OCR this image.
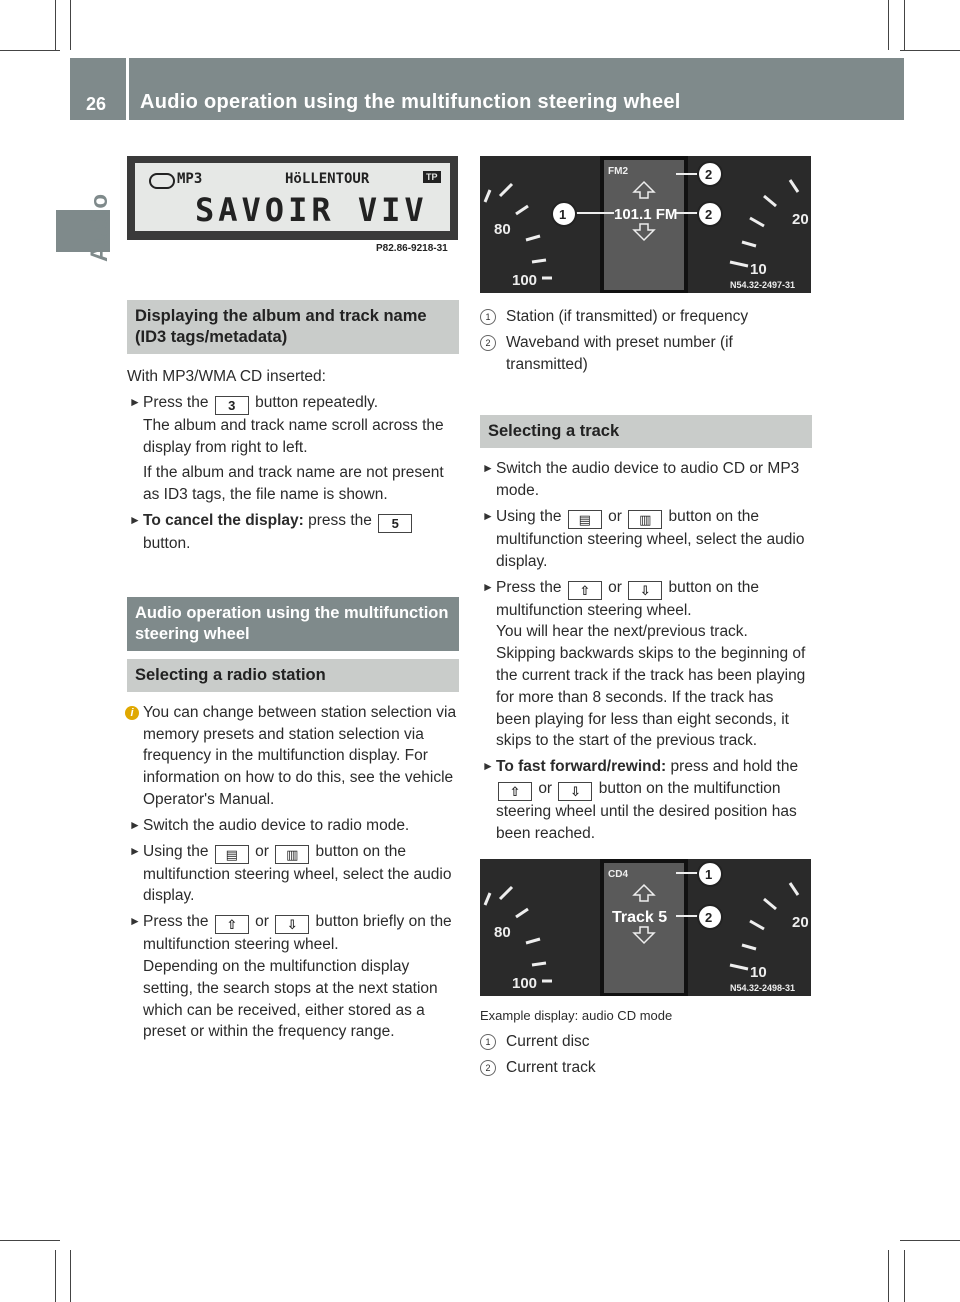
26 Audio operation using the multifunction steering wheel
Audio
MP3	HöLLENTOUR	TP
SAVOIR VIV
P82.86-9218-31
Displaying the album and track name (ID3 tags/metadata)

With MP3/WMA CD inserted:

► Press the 3 button repeatedly.

The album and track name scroll across the display from right to left.

If the album and track name are not present as ID3 tags, the file name is shown.

► To cancel the display: press the 5 button.
Audio operation using the multifunction steering wheel
Selecting a radio station
i You can change between station selection via memory presets and station selection via frequency in the multifunction display. For information on how to do this, see the vehicle Operator's Manual.
► Switch the audio device to radio mode.
► Using the ▤ or ▥ button on the multifunction steering wheel, select the audio display.
► Press the ⇧ or ⇩ button briefly on the multifunction steering wheel.

Depending on the multifunction display setting, the search stops at the next station which can be received, either stored as a preset or within the frequency range.

80
100
20
10
FM2
101.1 FM
1
2
2
N54.32-2497-31
1	Station (if transmitted) or frequency
2	Waveband with preset number (if transmitted)
Selecting a track
► Switch the audio device to audio CD or MP3 mode.
► Using the ▤ or ▥ button on the multifunction steering wheel, select the audio display.
► Press the ⇧ or ⇩ button on the multifunction steering wheel.

You will hear the next/previous track.

Skipping backwards skips to the beginning of the current track if the track has been playing for more than 8 seconds. If the track has been playing for less than eight seconds, it skips to the start of the previous track.

► To fast forward/rewind: press and hold the ⇧ or ⇩ button on the multifunction steering wheel until the desired position has been reached.
80
100
20
10
CD4
Track 5
1
2
N54.32-2498-31

Example display: audio CD mode

1	Current disc
2	Current track
